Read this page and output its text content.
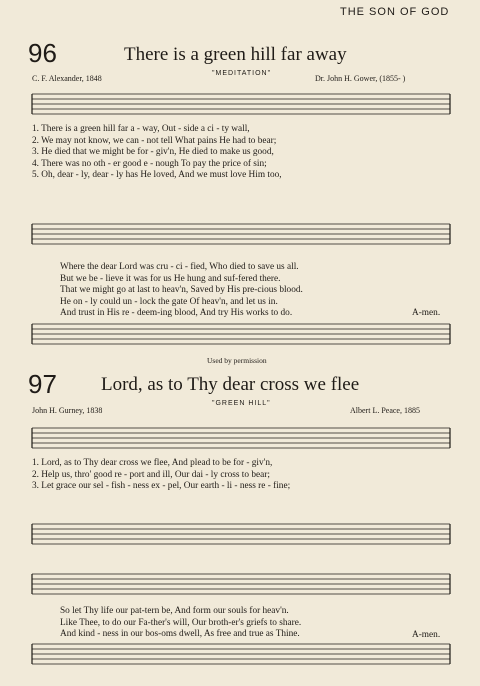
THE SON OF GOD
96	There is a green hill far away
"MEDITATION"
C. F. Alexander, 1848	Dr. John H. Gower, (1855- )
1. There is a green hill far a - way, Out - side a ci - ty wall,
2. We may not know, we can - not tell What pains He had to bear;
3. He died that we might be for - giv'n, He died to make us good,
4. There was no oth - er good e - nough To pay the price of sin;
5. Oh, dear - ly, dear - ly has He loved, And we must love Him too,
Where the dear Lord was cru - ci - fied, Who died to save us all.
But we be - lieve it was for us He hung and suf-fered there.
That we might go at last to heav'n, Saved by His pre-cious blood.
He on - ly could un - lock the gate Of heav'n, and let us in.
And trust in His re - deem-ing blood, And try His works to do.	A-men.
Used by permission
97 Lord, as to Thy dear cross we flee
"GREEN HILL"
John H. Gurney, 1838	Albert L. Peace, 1885
1. Lord, as to Thy dear cross we flee, And plead to be for - giv'n,
2. Help us, thro' good re - port and ill, Our dai - ly cross to bear;
3. Let grace our sel - fish - ness ex - pel, Our earth - li - ness re - fine;
So let Thy life our pat-tern be, And form our souls for heav'n.
Like Thee, to do our Fa-ther's will, Our broth-er's griefs to share.
And kind - ness in our bos-oms dwell, As free and true as Thine.	A-men.
